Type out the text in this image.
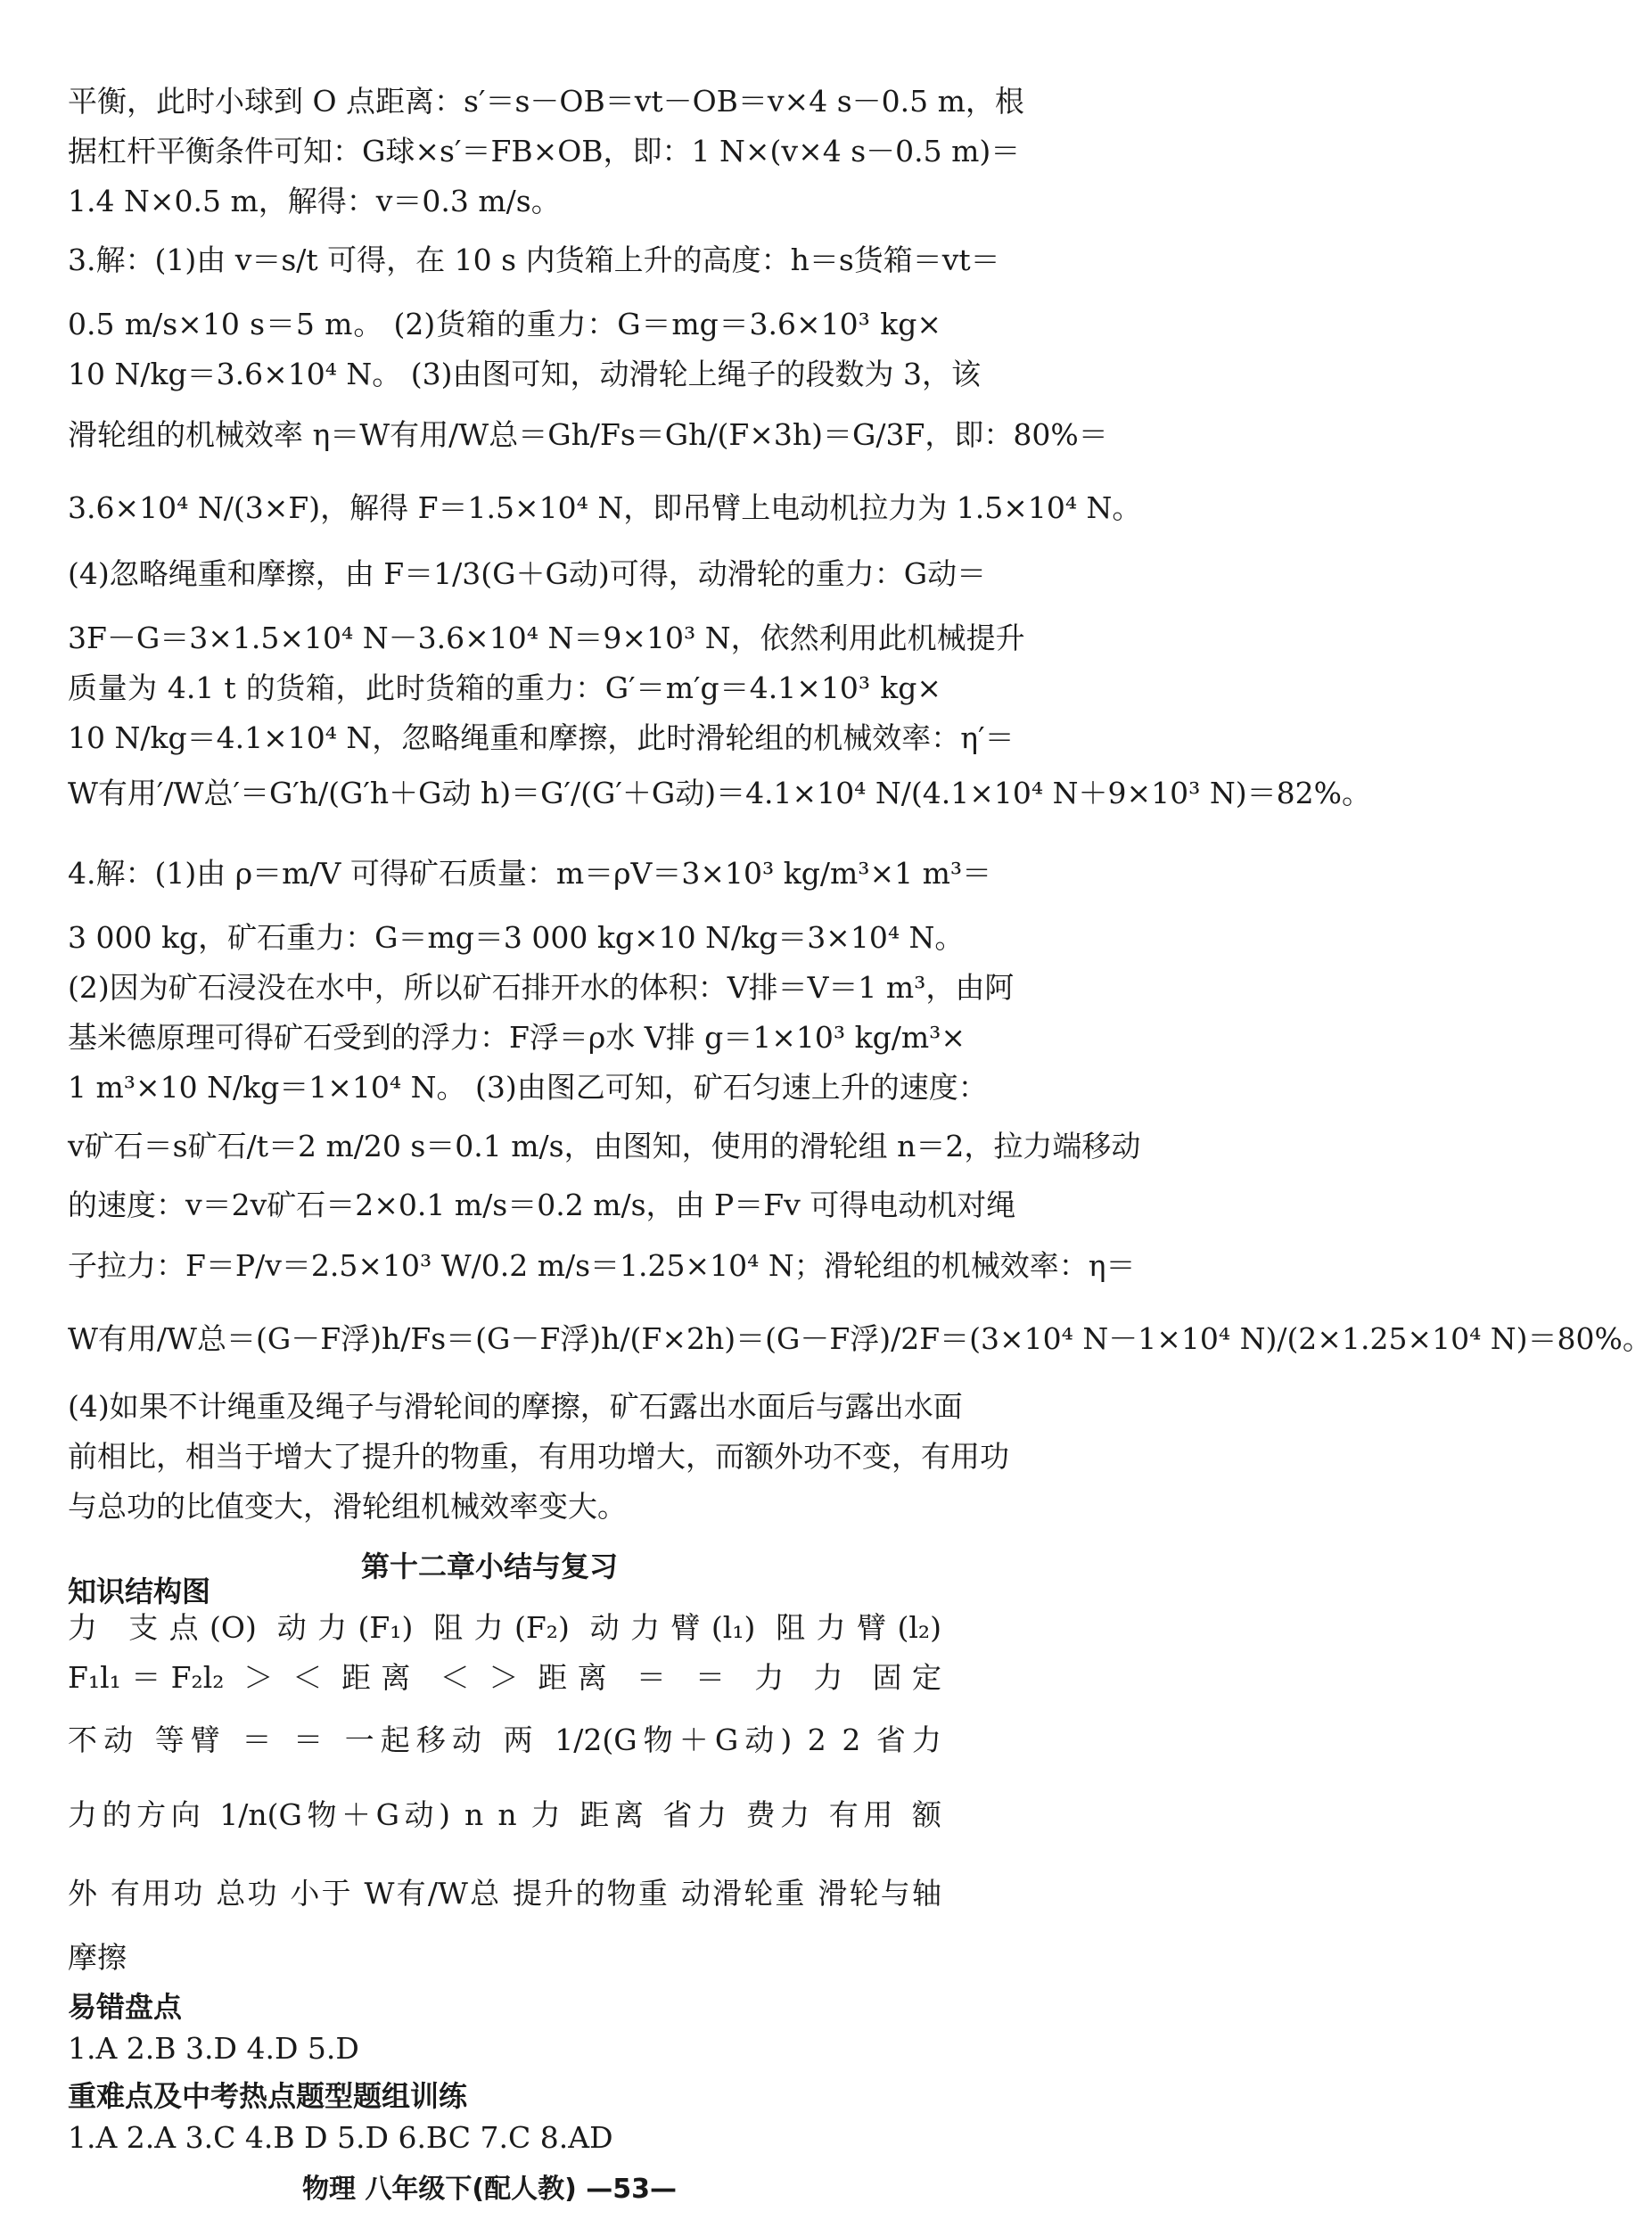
平衡，此时小球到 O 点距离：s′＝s－OB＝vt－OB＝v×4 s－0.5 m，根
据杠杆平衡条件可知：G球×s′＝FB×OB，即：1 N×(v×4 s－0.5 m)＝
1.4 N×0.5 m，解得：v＝0.3 m/s。
3.解：(1)由 v＝s/t 可得，在 10 s 内货箱上升的高度：h＝s货箱＝vt＝
0.5 m/s×10 s＝5 m。 (2)货箱的重力：G＝mg＝3.6×10³ kg×
10 N/kg＝3.6×10⁴ N。 (3)由图可知，动滑轮上绳子的段数为 3，该
滑轮组的机械效率 η＝W有用/W总＝Gh/Fs＝Gh/(F×3h)＝G/3F，即：80%＝
3.6×10⁴ N/(3×F)，解得 F＝1.5×10⁴ N，即吊臂上电动机拉力为 1.5×10⁴ N。
(4)忽略绳重和摩擦，由 F＝1/3(G＋G动)可得，动滑轮的重力：G动＝
3F－G＝3×1.5×10⁴ N－3.6×10⁴ N＝9×10³ N，依然利用此机械提升
质量为 4.1 t 的货箱，此时货箱的重力：G′＝m′g＝4.1×10³ kg×
10 N/kg＝4.1×10⁴ N，忽略绳重和摩擦，此时滑轮组的机械效率：η′＝
W有用′/W总′＝G′h/(G′h＋G动 h)＝G′/(G′＋G动)＝4.1×10⁴ N/(4.1×10⁴ N＋9×10³ N)＝82%。
4.解：(1)由 ρ＝m/V 可得矿石质量：m＝ρV＝3×10³ kg/m³×1 m³＝
3 000 kg，矿石重力：G＝mg＝3 000 kg×10 N/kg＝3×10⁴ N。
(2)因为矿石浸没在水中，所以矿石排开水的体积：V排＝V＝1 m³，由阿
基米德原理可得矿石受到的浮力：F浮＝ρ水 V排 g＝1×10³ kg/m³×
1 m³×10 N/kg＝1×10⁴ N。 (3)由图乙可知，矿石匀速上升的速度：
v矿石＝s矿石/t＝2 m/20 s＝0.1 m/s，由图知，使用的滑轮组 n＝2，拉力端移动
的速度：v＝2v矿石＝2×0.1 m/s＝0.2 m/s，由 P＝Fv 可得电动机对绳
子拉力：F＝P/v＝2.5×10³ W/0.2 m/s＝1.25×10⁴ N；滑轮组的机械效率：η＝
W有用/W总＝(G－F浮)h/Fs＝(G－F浮)h/(F×2h)＝(G－F浮)/2F＝(3×10⁴ N－1×10⁴ N)/(2×1.25×10⁴ N)＝80%。
(4)如果不计绳重及绳子与滑轮间的摩擦，矿石露出水面后与露出水面
前相比，相当于增大了提升的物重，有用功增大，而额外功不变，有用功
与总功的比值变大，滑轮组机械效率变大。
第十二章小结与复习
知识结构图
力 支点(O) 动力(F₁) 阻力(F₂) 动力臂(l₁) 阻力臂(l₂)
F₁l₁＝F₂l₂ ＞ ＜ 距离 ＜ ＞ 距离 ＝ ＝ 力 力 固定
不动 等臂 ＝ ＝ 一起移动 两 1/2(G物＋G动) 2 2 省力
力的方向 1/n(G物＋G动) n n 力 距离 省力 费力 有用 额
外 有用功 总功 小于 W有/W总 提升的物重 动滑轮重 滑轮与轴
摩擦
易错盘点
1.A 2.B 3.D 4.D 5.D
重难点及中考热点题型题组训练
1.A 2.A 3.C 4.B D 5.D 6.BC 7.C 8.AD
物理 八年级下(配人教) —53—
